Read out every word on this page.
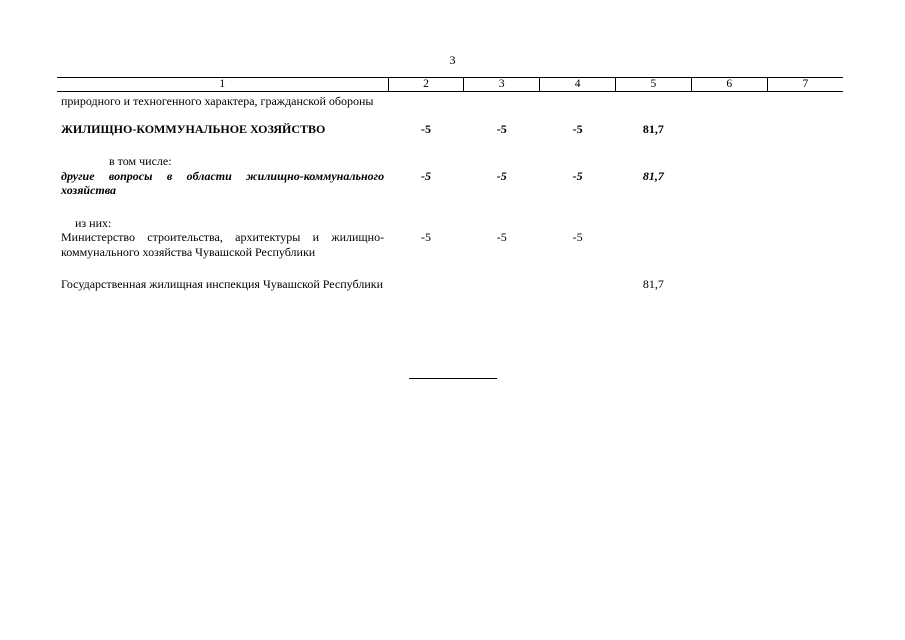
3
1	2	3	4	5	6	7
природного и техногенного характера, гражданской обороны						
ЖИЛИЩНО-КОММУНАЛЬНОЕ ХОЗЯЙСТВО	-5	-5	-5	81,7		
в том числе:						
другие вопросы в области жилищно-коммунального хозяйства	-5	-5	-5	81,7		
из них:						
Министерство строительства, архитектуры и жилищно-коммунального хозяйства Чувашской Республики	-5	-5	-5			
Государственная жилищная инспекция Чувашской Республики				81,7		
